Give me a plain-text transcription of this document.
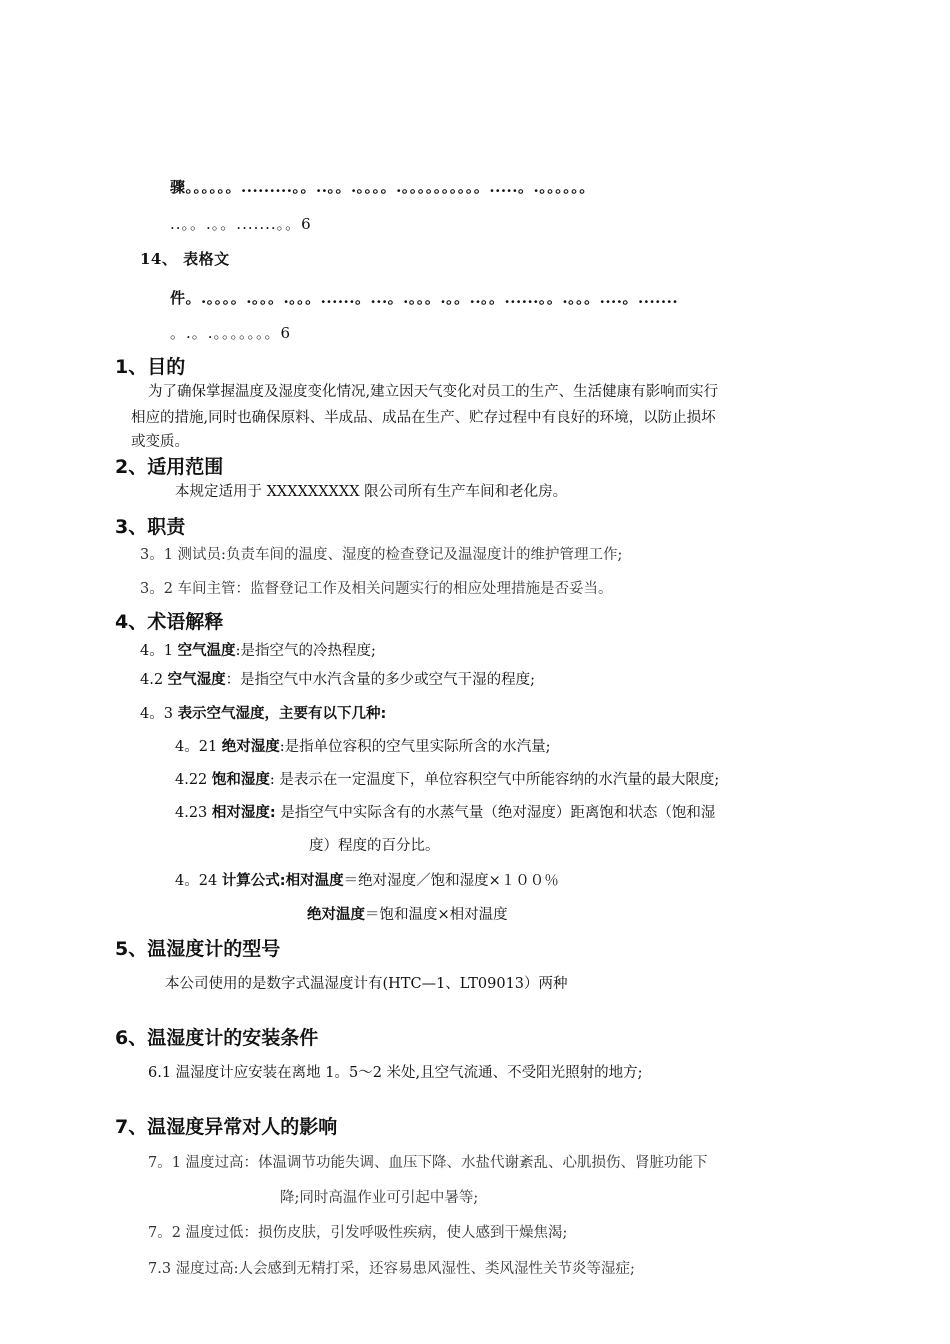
骤。。。。。。.........。。..。。.。。。。.。。。。。。。。。。.....。.。。。。。。
..。。.。。.......。。6
14、 表格文
件。.。。。。.。。。.。。。......。...。.。。。.。。..。。......。。.。。。....。.......
。.。.。。。。。。。6
1、目的
为了确保掌握温度及湿度变化情况,建立因天气变化对员工的生产、生活健康有影响而实行
相应的措施,同时也确保原料、半成品、成品在生产、贮存过程中有良好的环境，以防止损坏
或变质。
2、适用范围
本规定适用于 XXXXXXXXX 限公司所有生产车间和老化房。
3、职责
3。1 测试员:负责车间的温度、湿度的检查登记及温湿度计的维护管理工作;
3。2 车间主管：监督登记工作及相关问题实行的相应处理措施是否妥当。
4、术语解释
4。1 空气温度:是指空气的冷热程度;
4.2 空气湿度：是指空气中水汽含量的多少或空气干湿的程度;
4。3 表示空气湿度，主要有以下几种:
4。21 绝对湿度:是指单位容积的空气里实际所含的水汽量;
4.22 饱和湿度: 是表示在一定温度下，单位容积空气中所能容纳的水汽量的最大限度;
4.23 相对湿度: 是指空气中实际含有的水蒸气量（绝对湿度）距离饱和状态（饱和湿
度）程度的百分比。
4。24 计算公式:相对温度＝绝对湿度／饱和湿度×１００％
绝对温度＝饱和温度×相对温度
5、温湿度计的型号
本公司使用的是数字式温湿度计有(HTC—1、LT09013）两种
6、温湿度计的安装条件
6.1 温湿度计应安装在离地 1。5～2 米处,且空气流通、不受阳光照射的地方;
7、温湿度异常对人的影响
7。1 温度过高：体温调节功能失调、血压下降、水盐代谢紊乱、心肌损伤、肾脏功能下
降;同时高温作业可引起中暑等;
7。2 温度过低：损伤皮肤，引发呼吸性疾病，使人感到干燥焦渴;
7.3 湿度过高:人会感到无精打采，还容易患风湿性、类风湿性关节炎等湿症;
